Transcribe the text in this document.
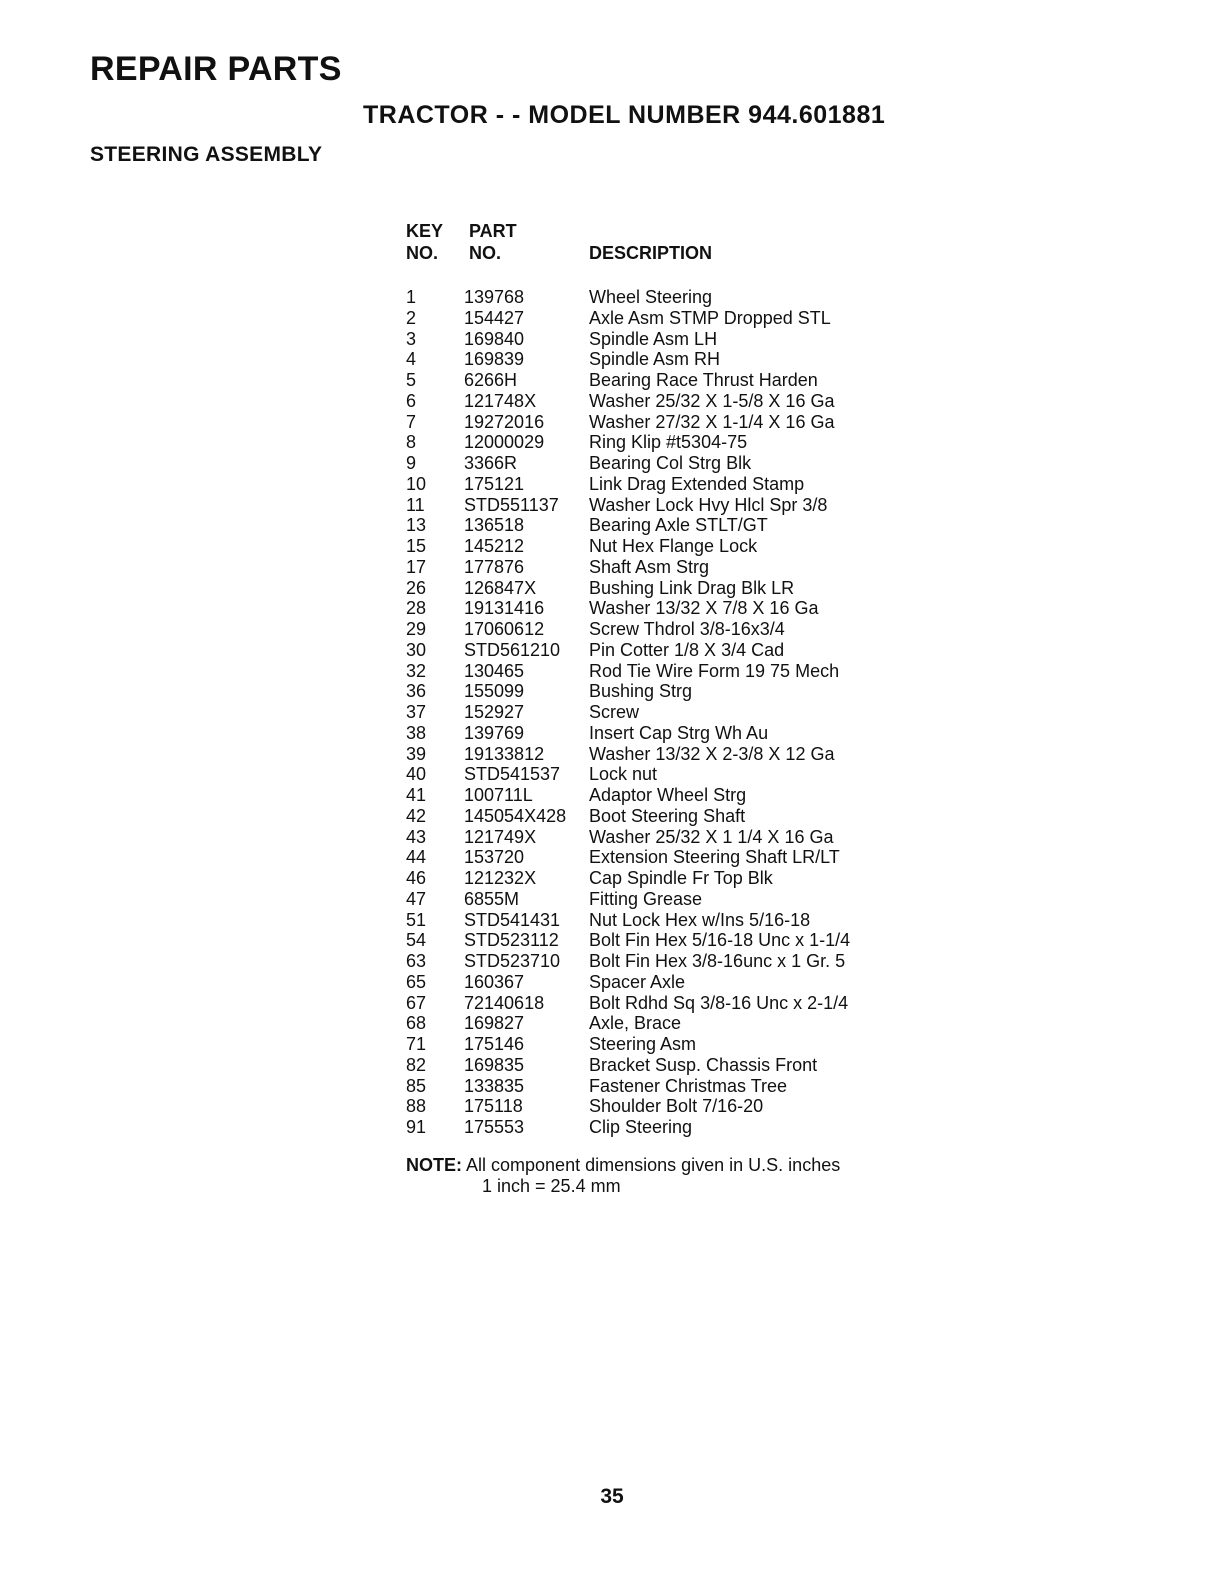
REPAIR PARTS
TRACTOR - - MODEL NUMBER 944.601881
STEERING ASSEMBLY
KEY
NO.
PART
NO.	DESCRIPTION
1	139768	Wheel Steering
2	154427	Axle Asm STMP Dropped STL
3	169840	Spindle Asm LH
4	169839	Spindle Asm RH
5	6266H	Bearing Race Thrust Harden
6	121748X	Washer 25/32 X 1-5/8 X 16 Ga
7	19272016 Washer 27/32 X 1-1/4 X 16 Ga
8	12000029 Ring Klip #t5304-75
9	3366R	Bearing Col Strg Blk
10 175121	Link Drag Extended Stamp
11 STD551137 Washer Lock Hvy Hlcl Spr 3/8
13 136518	Bearing Axle STLT/GT
15 145212	Nut Hex Flange Lock
17 177876	Shaft Asm Strg
26 126847X	Bushing Link Drag Blk LR
28 19131416 Washer 13/32 X 7/8 X 16 Ga
29 17060612 Screw Thdrol 3/8-16x3/4
30 STD561210 Pin Cotter 1/8 X 3/4 Cad
32 130465	Rod Tie Wire Form 19 75 Mech
36 155099	Bushing Strg
37 152927	Screw
38 139769	Insert Cap Strg Wh Au
39 19133812 Washer 13/32 X 2-3/8 X 12 Ga
40 STD541537 Lock nut
41 100711L	Adaptor Wheel Strg
42 145054X428 Boot Steering Shaft
43 121749X	Washer 25/32 X 1 1/4 X 16 Ga
44 153720	Extension Steering Shaft LR/LT
46 121232X	Cap Spindle Fr Top Blk
47 6855M	Fitting Grease
51 STD541431 Nut Lock Hex w/Ins 5/16-18
54 STD523112 Bolt Fin Hex 5/16-18 Unc x 1-1/4
63 STD523710 Bolt Fin Hex 3/8-16unc x 1 Gr. 5
65 160367	Spacer Axle
67 72140618 Bolt Rdhd Sq 3/8-16 Unc x 2-1/4
68 169827	Axle, Brace
71 175146	Steering Asm
82 169835	Bracket Susp. Chassis Front
85 133835	Fastener Christmas Tree
88 175118	Shoulder Bolt 7/16-20
91 175553	Clip Steering
NOTE: All component dimensions given in U.S. inches
1 inch = 25.4 mm
35
